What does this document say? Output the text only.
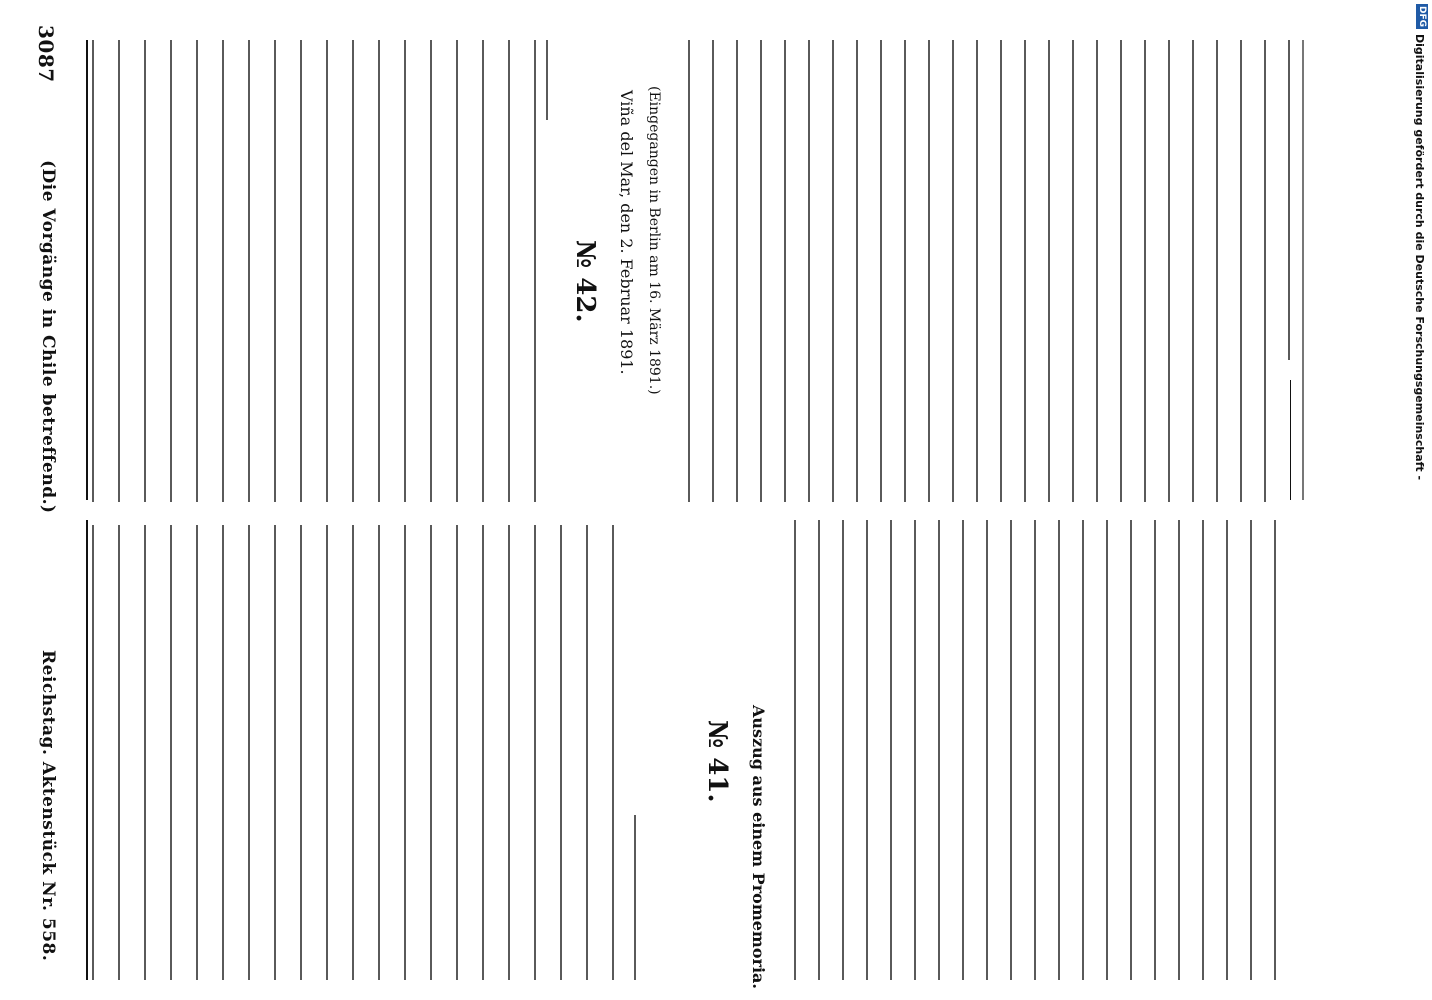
Reichstag. Aktenstück Nr. 558.	№ 41. Auszug aus einem Promemoria.
3087
(Die Vorgänge in Chile betreffend.)	№ 42. Viña del Mar, den 2. Februar 1891. (Eingegangen in Berlin am 16. März 1891.)
DFG
Digitalisierung gefördert durch die Deutsche Forschungsgemeinschaft -
